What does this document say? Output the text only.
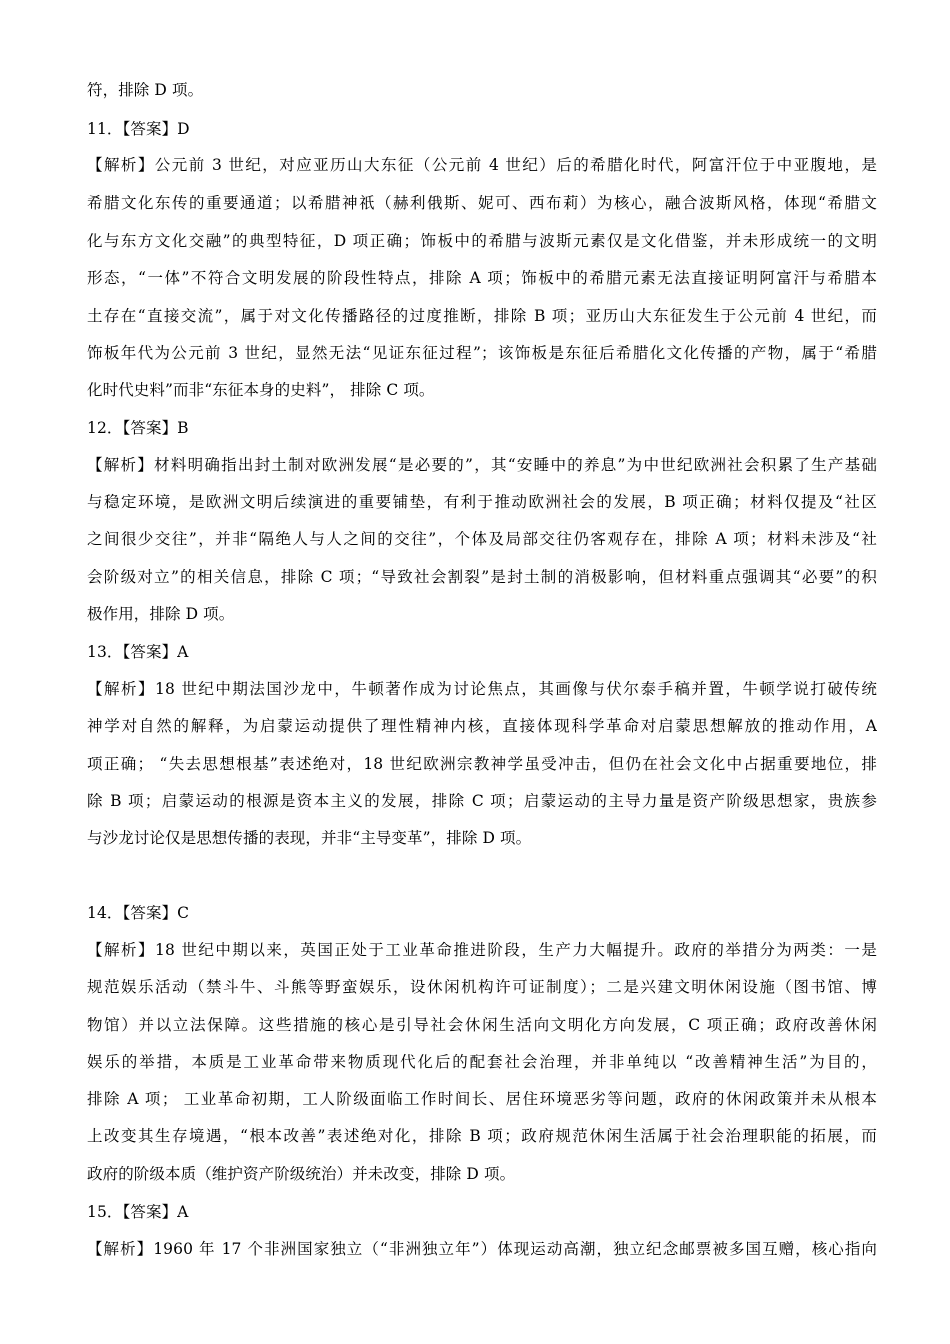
符，排除 D 项。
11．【答案】D
【解析】公元前 3 世纪，对应亚历山大东征（公元前 4 世纪）后的希腊化时代，阿富汗位于中亚腹地，是
希腊文化东传的重要通道；以希腊神祇（赫利俄斯、妮可、西布莉）为核心，融合波斯风格，体现“希腊文
化与东方文化交融”的典型特征，D 项正确；饰板中的希腊与波斯元素仅是文化借鉴，并未形成统一的文明
形态，“一体”不符合文明发展的阶段性特点，排除 A 项；饰板中的希腊元素无法直接证明阿富汗与希腊本
土存在“直接交流”，属于对文化传播路径的过度推断，排除 B 项；亚历山大东征发生于公元前 4 世纪，而
饰板年代为公元前 3 世纪，显然无法“见证东征过程”；该饰板是东征后希腊化文化传播的产物，属于“希腊
化时代史料”而非“东征本身的史料”， 排除 C 项。
12．【答案】B
【解析】材料明确指出封土制对欧洲发展“是必要的”，其“安睡中的养息”为中世纪欧洲社会积累了生产基础
与稳定环境，是欧洲文明后续演进的重要铺垫，有利于推动欧洲社会的发展，B 项正确；材料仅提及“社区
之间很少交往”，并非“隔绝人与人之间的交往”，个体及局部交往仍客观存在，排除 A 项；材料未涉及“社
会阶级对立”的相关信息，排除 C 项；“导致社会割裂”是封土制的消极影响，但材料重点强调其“必要”的积
极作用，排除 D 项。
13．【答案】A
【解析】18 世纪中期法国沙龙中，牛顿著作成为讨论焦点，其画像与伏尔泰手稿并置，牛顿学说打破传统
神学对自然的解释，为启蒙运动提供了理性精神内核，直接体现科学革命对启蒙思想解放的推动作用，A
项正确； “失去思想根基”表述绝对，18 世纪欧洲宗教神学虽受冲击，但仍在社会文化中占据重要地位，排
除 B 项；启蒙运动的根源是资本主义的发展，排除 C 项；启蒙运动的主导力量是资产阶级思想家，贵族参
与沙龙讨论仅是思想传播的表现，并非“主导变革”，排除 D 项。
14．【答案】C
【解析】18 世纪中期以来，英国正处于工业革命推进阶段，生产力大幅提升。政府的举措分为两类：一是
规范娱乐活动（禁斗牛、斗熊等野蛮娱乐，设休闲机构许可证制度）；二是兴建文明休闲设施（图书馆、博
物馆）并以立法保障。这些措施的核心是引导社会休闲生活向文明化方向发展，C 项正确；政府改善休闲
娱乐的举措，本质是工业革命带来物质现代化后的配套社会治理，并非单纯以 “改善精神生活”为目的，
排除 A 项； 工业革命初期，工人阶级面临工作时间长、居住环境恶劣等问题，政府的休闲政策并未从根本
上改变其生存境遇，“根本改善”表述绝对化，排除 B 项；政府规范休闲生活属于社会治理职能的拓展，而
政府的阶级本质（维护资产阶级统治）并未改变，排除 D 项。
15．【答案】A
【解析】1960 年 17 个非洲国家独立（“非洲独立年”）体现运动高潮，独立纪念邮票被多国互赠，核心指向
